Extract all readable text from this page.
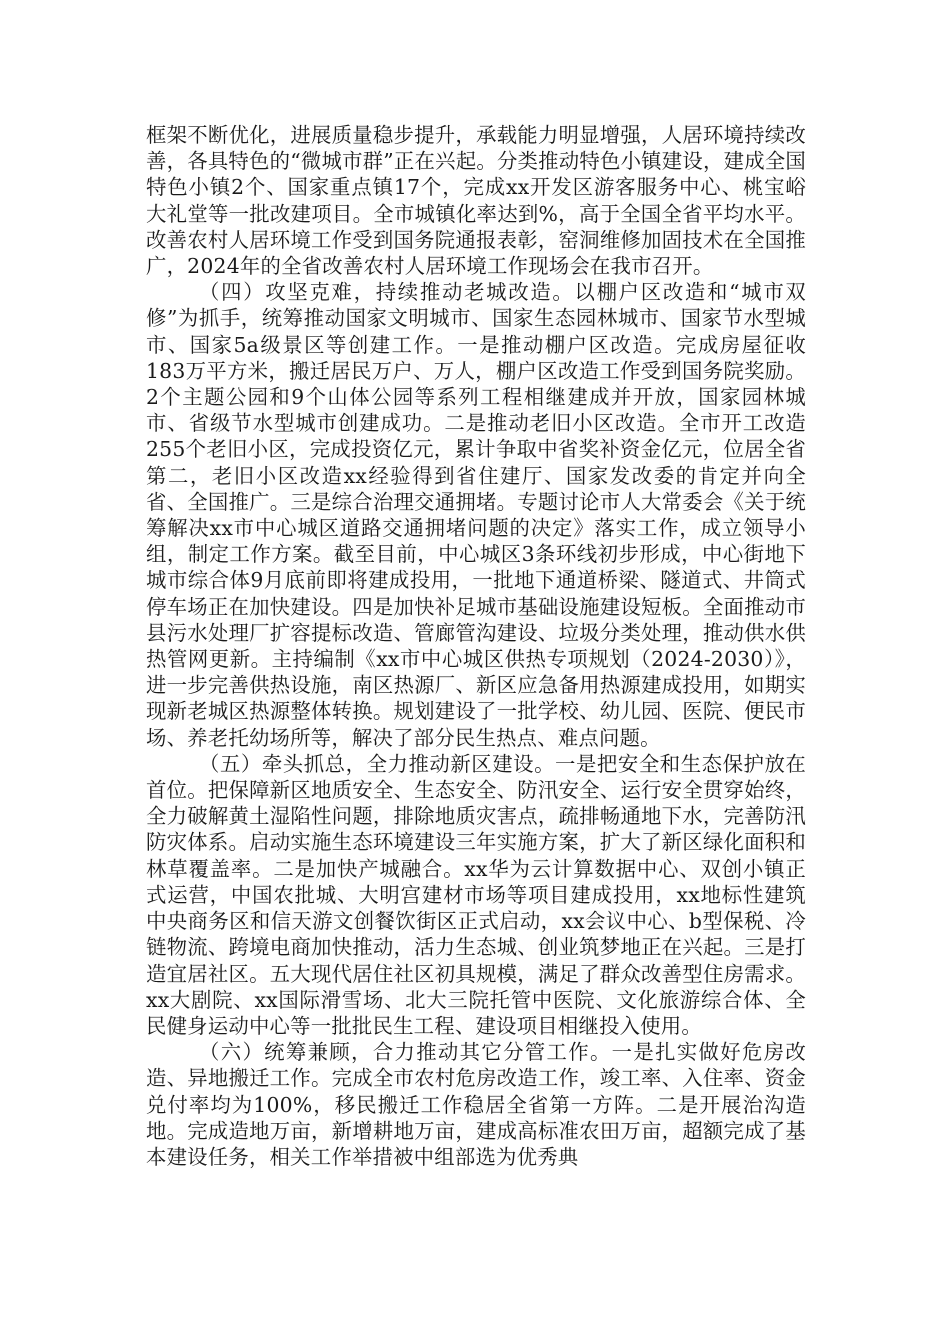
框架不断优化，进展质量稳步提升，承载能力明显增强，人居环境持续改善，各具特色的“微城市群”正在兴起。分类推动特色小镇建设，建成全国特色小镇2个、国家重点镇17个，完成xx开发区游客服务中心、桃宝峪大礼堂等一批改建项目。全市城镇化率达到%，高于全国全省平均水平。改善农村人居环境工作受到国务院通报表彰，窑洞维修加固技术在全国推广，2024年的全省改善农村人居环境工作现场会在我市召开。

（四）攻坚克难，持续推动老城改造。以棚户区改造和“城市双修”为抓手，统筹推动国家文明城市、国家生态园林城市、国家节水型城市、国家5a级景区等创建工作。一是推动棚户区改造。完成房屋征收183万平方米，搬迁居民万户、万人，棚户区改造工作受到国务院奖励。2个主题公园和9个山体公园等系列工程相继建成并开放，国家园林城市、省级节水型城市创建成功。二是推动老旧小区改造。全市开工改造255个老旧小区，完成投资亿元，累计争取中省奖补资金亿元，位居全省第二，老旧小区改造xx经验得到省住建厅、国家发改委的肯定并向全省、全国推广。三是综合治理交通拥堵。专题讨论市人大常委会《关于统筹解决xx市中心城区道路交通拥堵问题的决定》落实工作，成立领导小组，制定工作方案。截至目前，中心城区3条环线初步形成，中心街地下城市综合体9月底前即将建成投用，一批地下通道桥梁、隧道式、井筒式停车场正在加快建设。四是加快补足城市基础设施建设短板。全面推动市县污水处理厂扩容提标改造、管廊管沟建设、垃圾分类处理，推动供水供热管网更新。主持编制《xx市中心城区供热专项规划（2024-2030）》，进一步完善供热设施，南区热源厂、新区应急备用热源建成投用，如期实现新老城区热源整体转换。规划建设了一批学校、幼儿园、医院、便民市场、养老托幼场所等，解决了部分民生热点、难点问题。

（五）牵头抓总，全力推动新区建设。一是把安全和生态保护放在首位。把保障新区地质安全、生态安全、防汛安全、运行安全贯穿始终，全力破解黄土湿陷性问题，排除地质灾害点，疏排畅通地下水，完善防汛防灾体系。启动实施生态环境建设三年实施方案，扩大了新区绿化面积和林草覆盖率。二是加快产城融合。xx华为云计算数据中心、双创小镇正式运营，中国农批城、大明宫建材市场等项目建成投用，xx地标性建筑中央商务区和信天游文创餐饮街区正式启动，xx会议中心、b型保税、冷链物流、跨境电商加快推动，活力生态城、创业筑梦地正在兴起。三是打造宜居社区。五大现代居住社区初具规模，满足了群众改善型住房需求。xx大剧院、xx国际滑雪场、北大三院托管中医院、文化旅游综合体、全民健身运动中心等一批批民生工程、建设项目相继投入使用。

（六）统筹兼顾，合力推动其它分管工作。一是扎实做好危房改造、异地搬迁工作。完成全市农村危房改造工作，竣工率、入住率、资金兑付率均为100%，移民搬迁工作稳居全省第一方阵。二是开展治沟造地。完成造地万亩，新增耕地万亩，建成高标准农田万亩，超额完成了基本建设任务，相关工作举措被中组部选为优秀典
